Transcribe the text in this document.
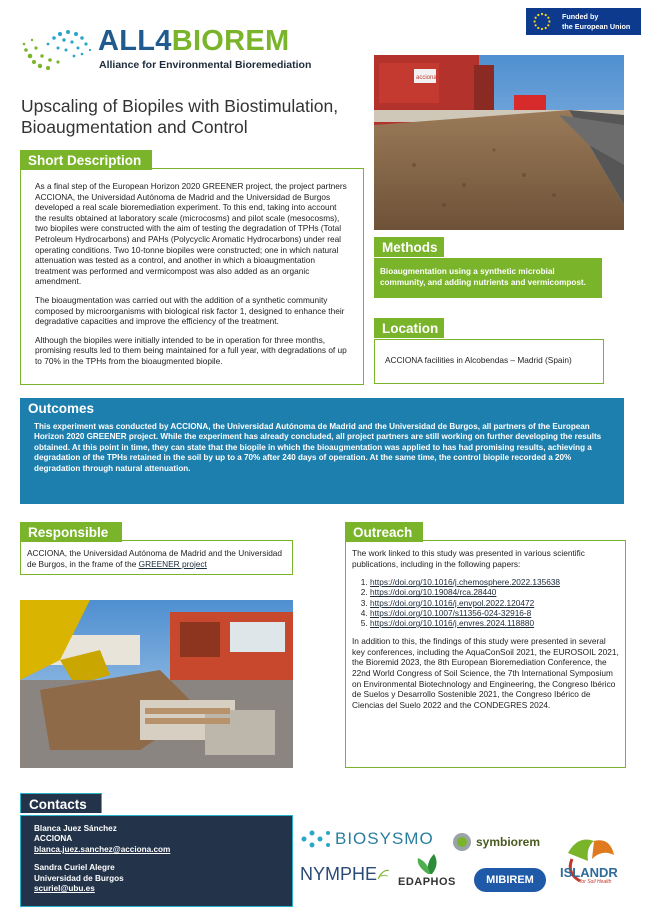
Funded by
the European Union
ALL4BIOREM
Alliance for Environmental Bioremediation
Upscaling of Biopiles with Biostimulation, Bioaugmentation and Control

As a final step of the European Horizon 2020 GREENER project, the project partners ACCIONA, the Universidad Autónoma de Madrid and the Universidad de Burgos developed a real scale bioremediation experiment. To this end, taking into account the results obtained at laboratory scale (microcosms) and pilot scale (mesocosms), two biopiles were constructed with the aim of testing the degradation of TPHs (Total Petroleum Hydrocarbons) and PAHs (Polycyclic Aromatic Hydrocarbons) under real operating conditions. Two 10-tonne biopiles were constructed; one in which natural attenuation was tested as a control, and another in which a bioaugmentation treatment was performed and vermicompost was also added as an organic amendment.

The bioaugmentation was carried out with the addition of a synthetic community composed by microorganisms with biological risk factor 1, designed to enhance their degradative capacities and improve the efficiency of the treatment.

Although the biopiles were initially intended to be in operation for three months, promising results led to them being maintained for a full year, with degradations of up to 70% in the TPHs from the bioaugmented biopile.

Short Description
acciona
Methods
Bioaugmentation using a synthetic microbial community, and adding nutrients and vermicompost.
Location
ACCIONA facilities in Alcobendas – Madrid (Spain)
This experiment was conducted by ACCIONA, the Universidad Autónoma de Madrid and the Universidad de Burgos, all partners of the European Horizon 2020 GREENER project. While the experiment has already concluded, all project partners are still working on further developing the results obtained. At this point in time, they can state that the biopile in which the bioaugmentation was applied to has had promising results, achieving a degradation of the TPHs retained in the soil by up to a 70% after 240 days of operation. At the same time, the control biopile recorded a 20% degradation through natural attenuation.
Outcomes
ACCIONA, the Universidad Autónoma de Madrid and the Universidad de Burgos, in the frame of the GREENER project
Responsible
The work linked to this study was presented in various scientific publications, including in the following papers:
1. https://doi.org/10.1016/j.chemosphere.2022.135638
2. https://doi.org/10.19084/rca.28440
3. https://doi.org/10.1016/j.envpol.2022.120472
4. https://doi.org/10.1007/s11356-024-32916-8
5. https://doi.org/10.1016/j.envres.2024.118880
In addition to this, the findings of this study were presented in several key conferences, including the AquaConSoil 2021, the EUROSOIL 2021, the Bioremid 2023, the 8th European Bioremediation Conference, the 22nd World Congress of Soil Science, the 7th International Symposium on Environmental Biotechnology and Engineering, the Congreso Ibérico de Suelos y Desarrollo Sostenible 2021, the Congreso Ibérico de Ciencias del Suelo 2022 and the CONDEGRES 2024.
Outreach
Blanca Juez Sánchez
ACCIONA
blanca.juez.sanchez@acciona.com
Sandra Curiel Alegre
Universidad de Burgos
scuriel@ubu.es
Contacts
BIOSYSMO	symbiorem
ISLANDR
for Soil Health
NYMPHE EDAPHOS	MIBIREM
